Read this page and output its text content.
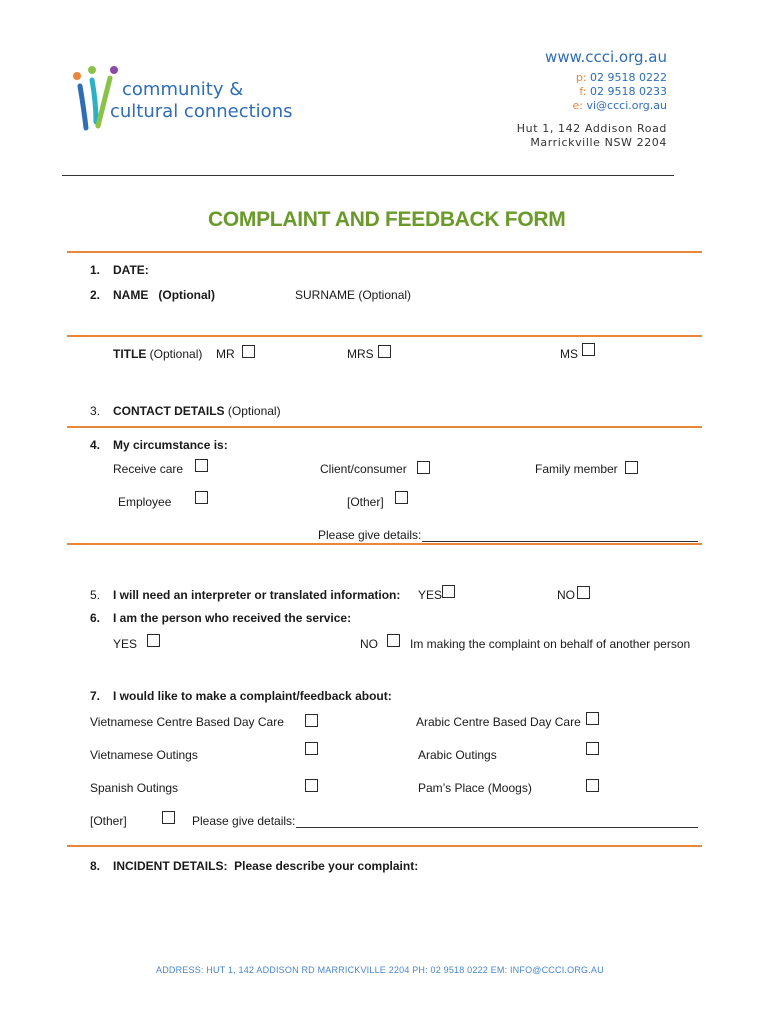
community &
cultural connections
www.ccci.org.au
p: 02 9518 0222
f: 02 9518 0233
e: vi@ccci.org.au
Hut 1, 142 Addison Road
Marrickville NSW 2204
COMPLAINT AND FEEDBACK FORM
1. DATE:
2. NAME (Optional)	SURNAME (Optional)
TITLE (Optional) MR	MRS	MS
3. CONTACT DETAILS (Optional)
4. My circumstance is:
Receive care	Client/consumer	Family member
Employee	[Other]
Please give details:
5. I will need an interpreter or translated information: YES	NO
6. I am the person who received the service:
YES	NO	Im making the complaint on behalf of another person
7. I would like to make a complaint/feedback about:
Vietnamese Centre Based Day Care	Arabic Centre Based Day Care
Vietnamese Outings	Arabic Outings
Spanish Outings	Pam’s Place (Moogs)
[Other]	Please give details:
8. INCIDENT DETAILS: Please describe your complaint:
ADDRESS: HUT 1, 142 ADDISON RD MARRICKVILLE 2204 PH: 02 9518 0222 EM: INFO@CCCI.ORG.AU
